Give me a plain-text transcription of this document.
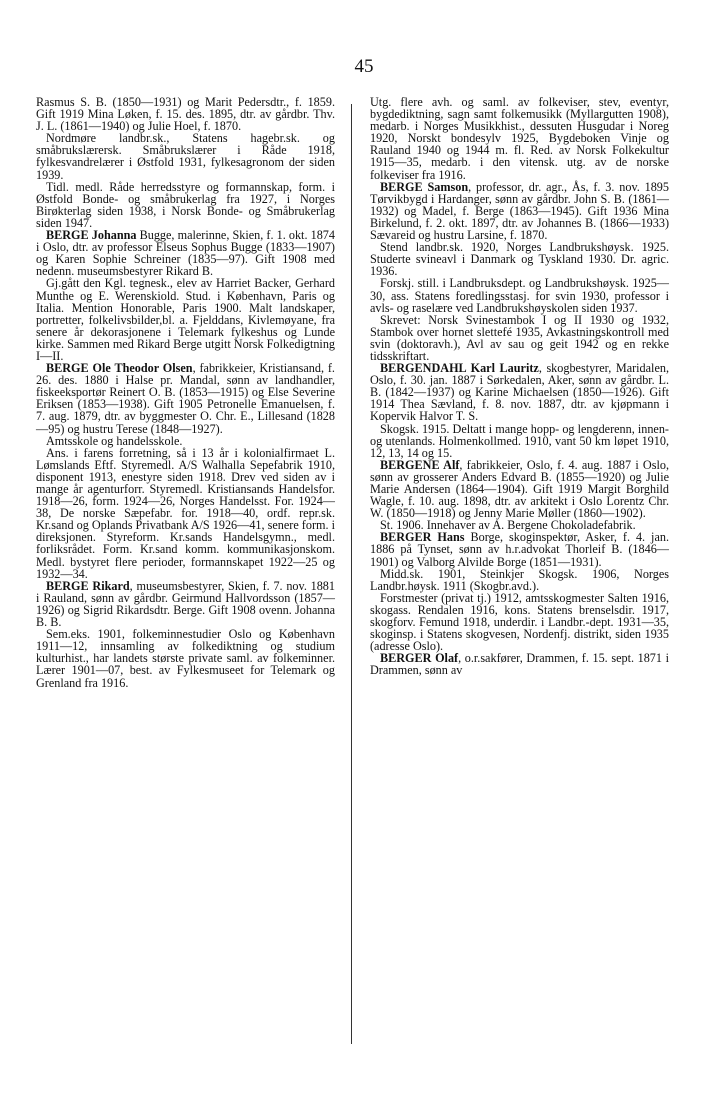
45

Rasmus S. B. (1850—1931) og Marit Pedersdtr., f. 1859. Gift 1919 Mina Løken, f. 15. des. 1895, dtr. av gårdbr. Thv. J. L. (1861—1940) og Julie Hoel, f. 1870.

Nordmøre landbr.sk., Statens hagebr.sk. og småbrukslærersk. Småbrukslærer i Råde 1918, fylkesvandrelærer i Østfold 1931, fylkesagronom der siden 1939.

Tidl. medl. Råde herredsstyre og formannskap, form. i Østfold Bonde- og småbrukerlag fra 1927, i Norges Birøkterlag siden 1938, i Norsk Bonde- og Småbrukerlag siden 1947.

BERGE Johanna Bugge, malerinne, Skien, f. 1. okt. 1874 i Oslo, dtr. av professor Elseus Sophus Bugge (1833—1907) og Karen Sophie Schreiner (1835—97). Gift 1908 med nedenn. museumsbestyrer Rikard B.

Gj.gått den Kgl. tegnesk., elev av Harriet Backer, Gerhard Munthe og E. Werenskiold. Stud. i København, Paris og Italia. Mention Honorable, Paris 1900. Malt landskaper, portretter, folkelivsbilder,bl. a. Fjelddans, Kivlemøyane, fra senere år dekorasjonene i Telemark fylkeshus og Lunde kirke. Sammen med Rikard Berge utgitt Norsk Folkedigtning I—II.

BERGE Ole Theodor Olsen, fabrikkeier, Kristiansand, f. 26. des. 1880 i Halse pr. Mandal, sønn av landhandler, fiskeeksportør Reinert O. B. (1853—1915) og Else Severine Eriksen (1853—1938). Gift 1905 Petronelle Emanuelsen, f. 7. aug. 1879, dtr. av byggmester O. Chr. E., Lillesand (1828—95) og hustru Terese (1848—1927).

Amtsskole og handelsskole.

Ans. i farens forretning, så i 13 år i kolonialfirmaet L. Lømslands Eftf. Styremedl. A/S Walhalla Sepefabrik 1910, disponent 1913, enestyre siden 1918. Drev ved siden av i mange år agenturforr. Styremedl. Kristiansands Handelsfor. 1918—26, form. 1924—26, Norges Handelsst. For. 1924—38, De norske Sæpefabr. for. 1918—40, ordf. repr.sk. Kr.sand og Oplands Privatbank A/S 1926—41, senere form. i direksjonen. Styreform. Kr.sands Handelsgymn., medl. forliksrådet. Form. Kr.sand komm. kommunikasjonskom. Medl. bystyret flere perioder, formannskapet 1922—25 og 1932—34.

BERGE Rikard, museumsbestyrer, Skien, f. 7. nov. 1881 i Rauland, sønn av gårdbr. Geirmund Hallvordsson (1857—1926) og Sigrid Rikardsdtr. Berge. Gift 1908 ovenn. Johanna B. B.

Sem.eks. 1901, folkeminnestudier Oslo og København 1911—12, innsamling av folkediktning og studium kulturhist., har landets største private saml. av folkeminner. Lærer 1901—07, best. av Fylkesmuseet for Telemark og Grenland fra 1916.

Utg. flere avh. og saml. av folkeviser, stev, eventyr, bygdediktning, sagn samt folkemusikk (Myllargutten 1908), medarb. i Norges Musikkhist., dessuten Husgudar i Noreg 1920, Norskt bondesylv 1925, Bygdeboken Vinje og Rauland 1940 og 1944 m. fl. Red. av Norsk Folkekultur 1915—35, medarb. i den vitensk. utg. av de norske folkeviser fra 1916.

BERGE Samson, professor, dr. agr., Ås, f. 3. nov. 1895 Tørvikbygd i Hardanger, sønn av gårdbr. John S. B. (1861—1932) og Madel, f. Berge (1863—1945). Gift 1936 Mina Birkelund, f. 2. okt. 1897, dtr. av Johannes B. (1866—1933) Sævareid og hustru Larsine, f. 1870.

Stend landbr.sk. 1920, Norges Landbrukshøysk. 1925. Studerte svineavl i Danmark og Tyskland 1930. Dr. agric. 1936.

Forskj. still. i Landbruksdept. og Landbrukshøysk. 1925—30, ass. Statens foredlingsstasj. for svin 1930, professor i avls- og raselære ved Landbrukshøyskolen siden 1937.

Skrevet: Norsk Svinestambok I og II 1930 og 1932, Stambok over hornet slettefé 1935, Avkastningskontroll med svin (doktoravh.), Avl av sau og geit 1942 og en rekke tidsskriftart.

BERGENDAHL Karl Lauritz, skogbestyrer, Maridalen, Oslo, f. 30. jan. 1887 i Sørkedalen, Aker, sønn av gårdbr. L. B. (1842—1937) og Karine Michaelsen (1850—1926). Gift 1914 Thea Sævland, f. 8. nov. 1887, dtr. av kjøpmann i Kopervik Halvor T. S.

Skogsk. 1915. Deltatt i mange hopp- og lengderenn, innen- og utenlands. Holmenkollmed. 1910, vant 50 km løpet 1910, 12, 13, 14 og 15.

BERGENE Alf, fabrikkeier, Oslo, f. 4. aug. 1887 i Oslo, sønn av grosserer Anders Edvard B. (1855—1920) og Julie Marie Andersen (1864—1904). Gift 1919 Margit Borghild Wagle, f. 10. aug. 1898, dtr. av arkitekt i Oslo Lorentz Chr. W. (1850—1918) og Jenny Marie Møller (1860—1902).

St. 1906. Innehaver av A. Bergene Chokoladefabrik.

BERGER Hans Borge, skoginspektør, Asker, f. 4. jan. 1886 på Tynset, sønn av h.r.advokat Thorleif B. (1846—1901) og Valborg Alvilde Borge (1851—1931).

Midd.sk. 1901, Steinkjer Skogsk. 1906, Norges Landbr.høysk. 1911 (Skogbr.avd.).

Forstmester (privat tj.) 1912, amtsskogmester Salten 1916, skogass. Rendalen 1916, kons. Statens brenselsdir. 1917, skogforv. Femund 1918, underdir. i Landbr.-dept. 1931—35, skoginsp. i Statens skogvesen, Nordenfj. distrikt, siden 1935 (adresse Oslo).

BERGER Olaf, o.r.sakfører, Drammen, f. 15. sept. 1871 i Drammen, sønn av
